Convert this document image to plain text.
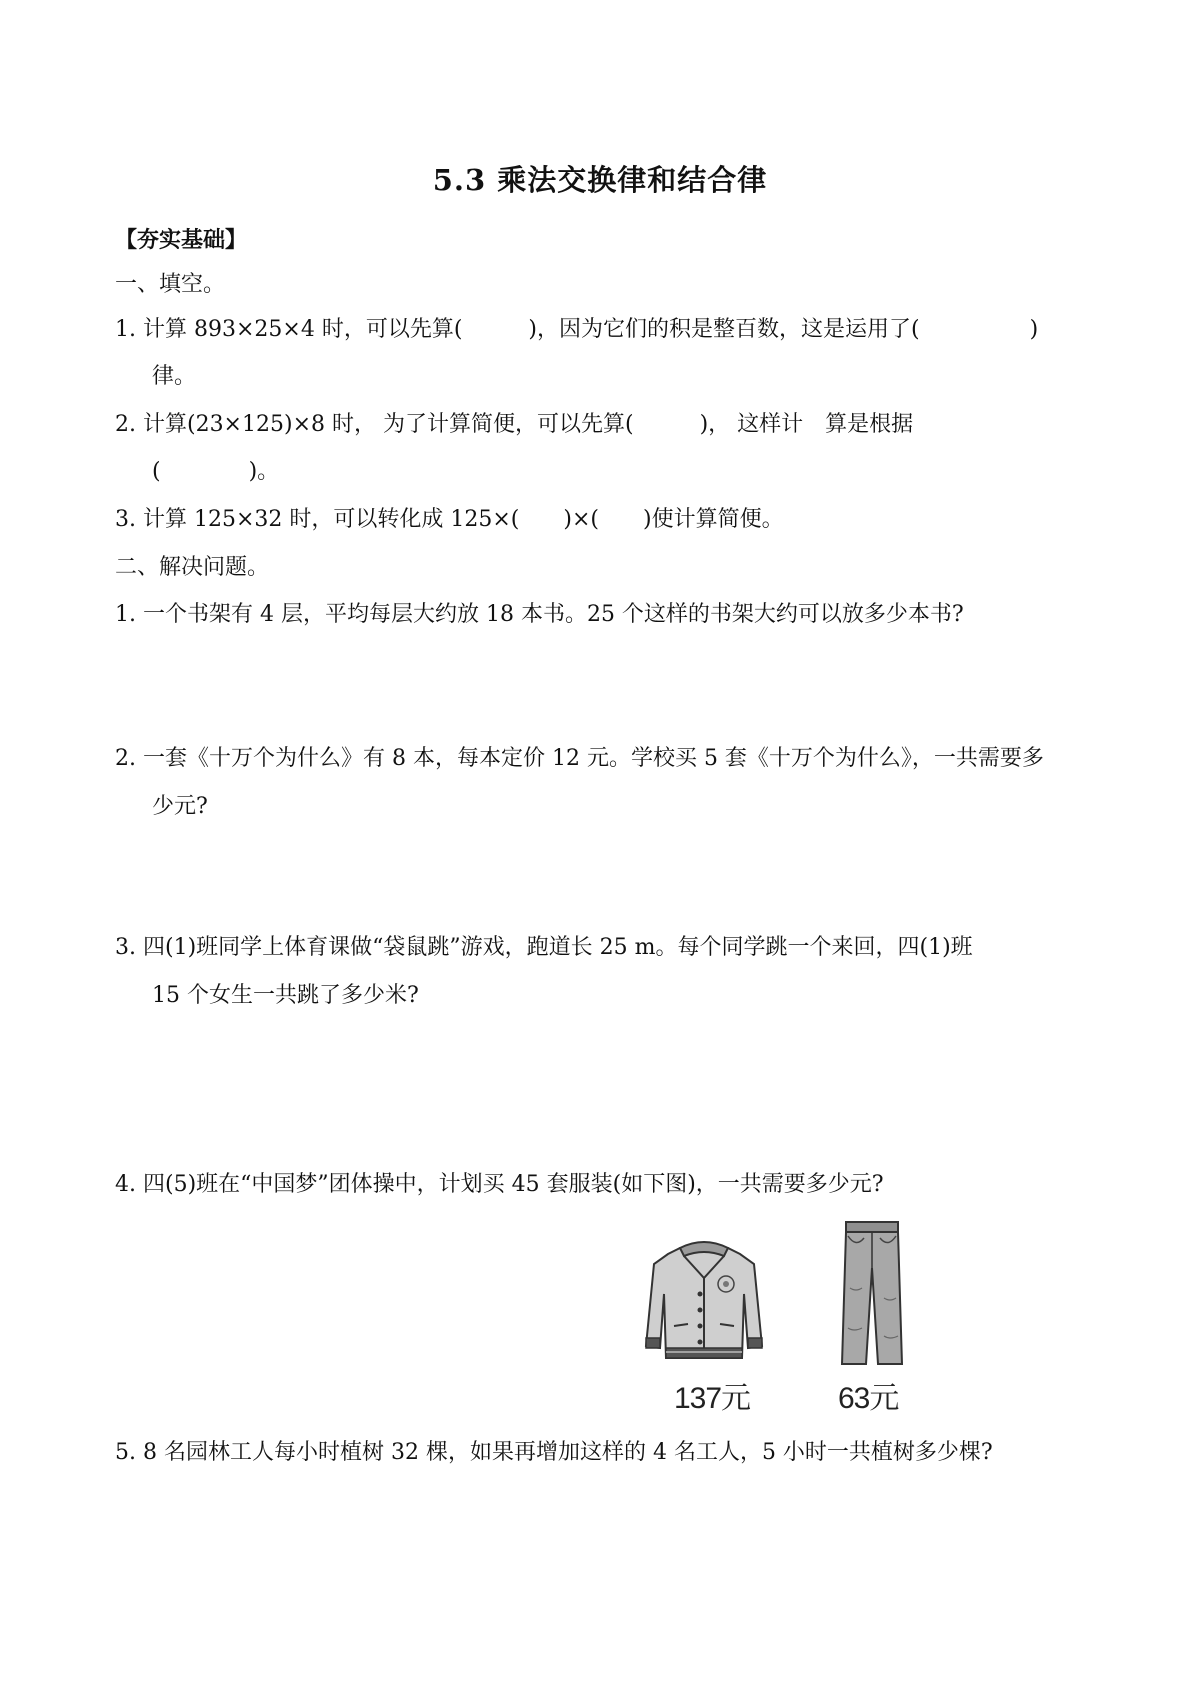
5.3 乘法交换律和结合律
【夯实基础】
一、填空。
1. 计算 893×25×4 时，可以先算(　　　)，因为它们的积是整百数，这是运用了(　　　　　)
律。
2. 计算(23×125)×8 时， 为了计算简便，可以先算(　　　)， 这样计　算是根据
(　　　　)。
3. 计算 125×32 时，可以转化成 125×(　　)×(　　)使计算简便。
二、解决问题。
1. 一个书架有 4 层，平均每层大约放 18 本书。25 个这样的书架大约可以放多少本书?
2. 一套《十万个为什么》有 8 本，每本定价 12 元。学校买 5 套《十万个为什么》，一共需要多
少元?
3. 四(1)班同学上体育课做“袋鼠跳”游戏，跑道长 25 m。每个同学跳一个来回，四(1)班
15 个女生一共跳了多少米?
4. 四(5)班在“中国梦”团体操中，计划买 45 套服装(如下图)，一共需要多少元?
137元	63元
5. 8 名园林工人每小时植树 32 棵，如果再增加这样的 4 名工人，5 小时一共植树多少棵?
